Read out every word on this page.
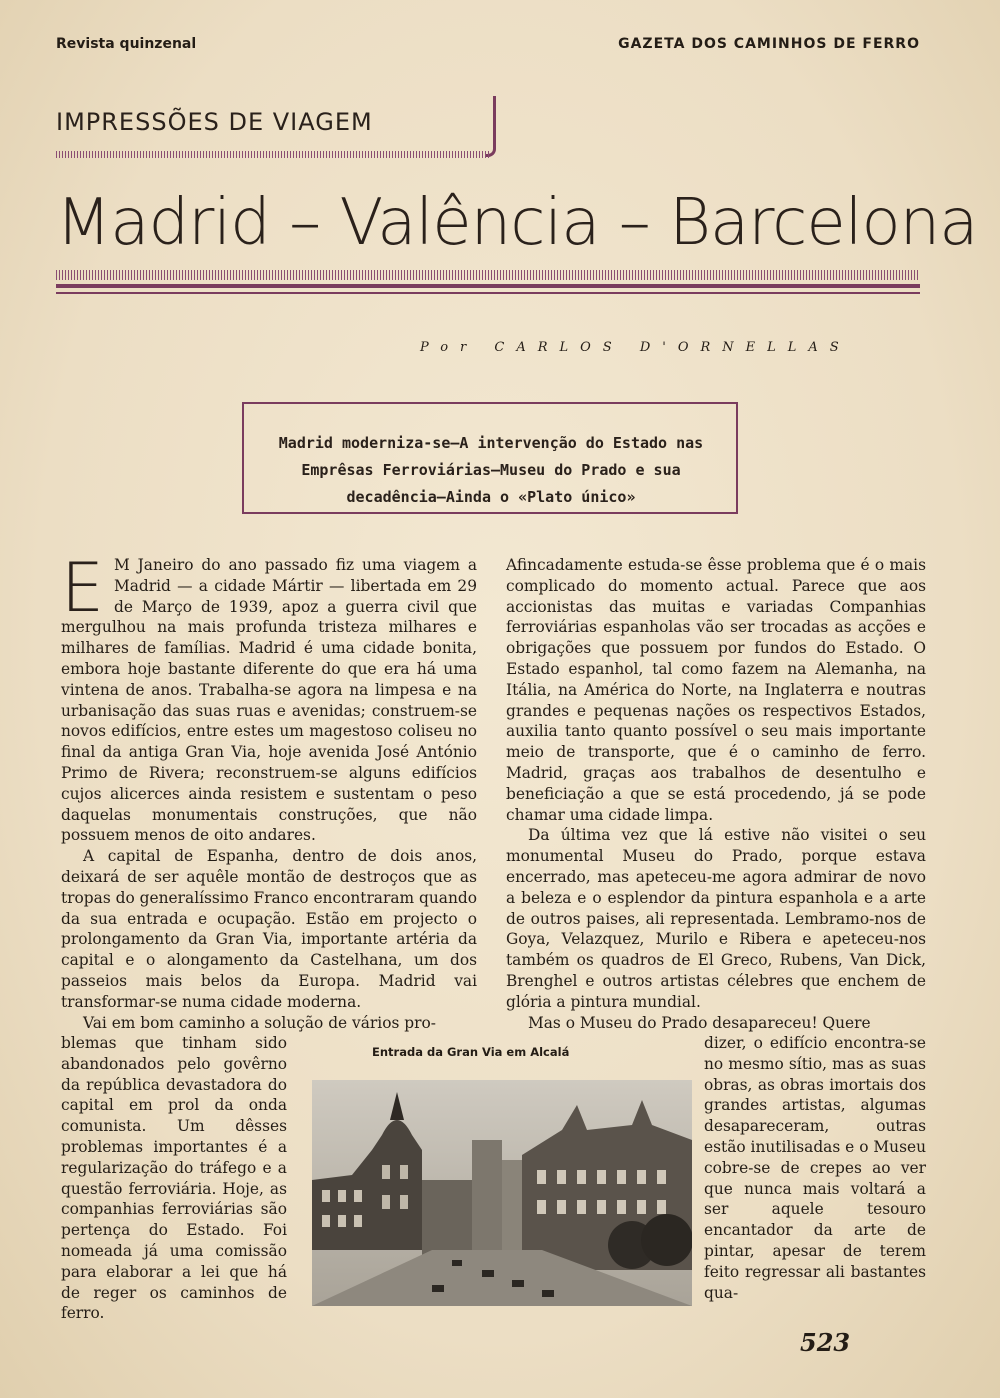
Revista quinzenal	GAZETA DOS CAMINHOS DE FERRO
IMPRESSÕES DE VIAGEM
Madrid – Valência – Barcelona
Por CARLOS D'ORNELLAS
Madrid moderniza-se—A intervenção do Estado nas Emprêsas Ferroviárias—Museu do Prado e sua decadência—Ainda o «Plato único»

E M Janeiro do ano passado fiz uma viagem a Madrid — a cidade Mártir — libertada em 29 de Março de 1939, apoz a guerra civil que mergulhou na mais profunda tristeza milhares e milhares de famílias. Madrid é uma cidade bonita, embora hoje bastante diferente do que era há uma vintena de anos. Trabalha-se agora na limpesa e na urbanisação das suas ruas e avenidas; construem-se novos edifícios, entre estes um magestoso coliseu no final da antiga Gran Via, hoje avenida José António Primo de Rivera; reconstruem-se alguns edifícios cujos alicerces ainda resistem e sustentam o peso daquelas monumentais construções, que não possuem menos de oito andares.

A capital de Espanha, dentro de dois anos, deixará de ser aquêle montão de destroços que as tropas do generalíssimo Franco encontraram quando da sua entrada e ocupação. Estão em projecto o prolongamento da Gran Via, importante artéria da capital e o alongamento da Castelhana, um dos passeios mais belos da Europa. Madrid vai transformar-se numa cidade moderna.

Vai em bom caminho a solução de vários pro-

blemas que tinham sido abandonados pelo govêrno da república devastadora do capital em prol da onda comunista. Um dêsses problemas importantes é a regularização do tráfego e a questão ferroviária. Hoje, as companhias ferroviárias são pertença do Estado. Foi nomeada já uma comissão para elaborar a lei que há de reger os caminhos de ferro.

Afincadamente estuda-se êsse problema que é o mais complicado do momento actual. Parece que aos accionistas das muitas e variadas Companhias ferroviárias espanholas vão ser trocadas as acções e obrigações que possuem por fundos do Estado. O Estado espanhol, tal como fazem na Alemanha, na Itália, na América do Norte, na Inglaterra e noutras grandes e pequenas nações os respectivos Estados, auxilia tanto quanto possível o seu mais importante meio de transporte, que é o caminho de ferro. Madrid, graças aos trabalhos de desentulho e beneficiação a que se está procedendo, já se pode chamar uma cidade limpa.

Da última vez que lá estive não visitei o seu monumental Museu do Prado, porque estava encerrado, mas apeteceu-me agora admirar de novo a beleza e o esplendor da pintura espanhola e a arte de outros paises, ali representada. Lembramo-nos de Goya, Velazquez, Murilo e Ribera e apeteceu-nos também os quadros de El Greco, Rubens, Van Dick, Brenghel e outros artistas célebres que enchem de glória a pintura mundial.

Mas o Museu do Prado desapareceu! Quere

dizer, o edifício encontra-se no mesmo sítio, mas as suas obras, as obras imortais dos grandes artistas, algumas desapareceram, outras estão inutilisadas e o Museu cobre-se de crepes ao ver que nunca mais voltará a ser aquele tesouro encantador da arte de pintar, apesar de terem feito regressar ali bastantes qua-
Entrada da Gran Via em Alcalá
523
